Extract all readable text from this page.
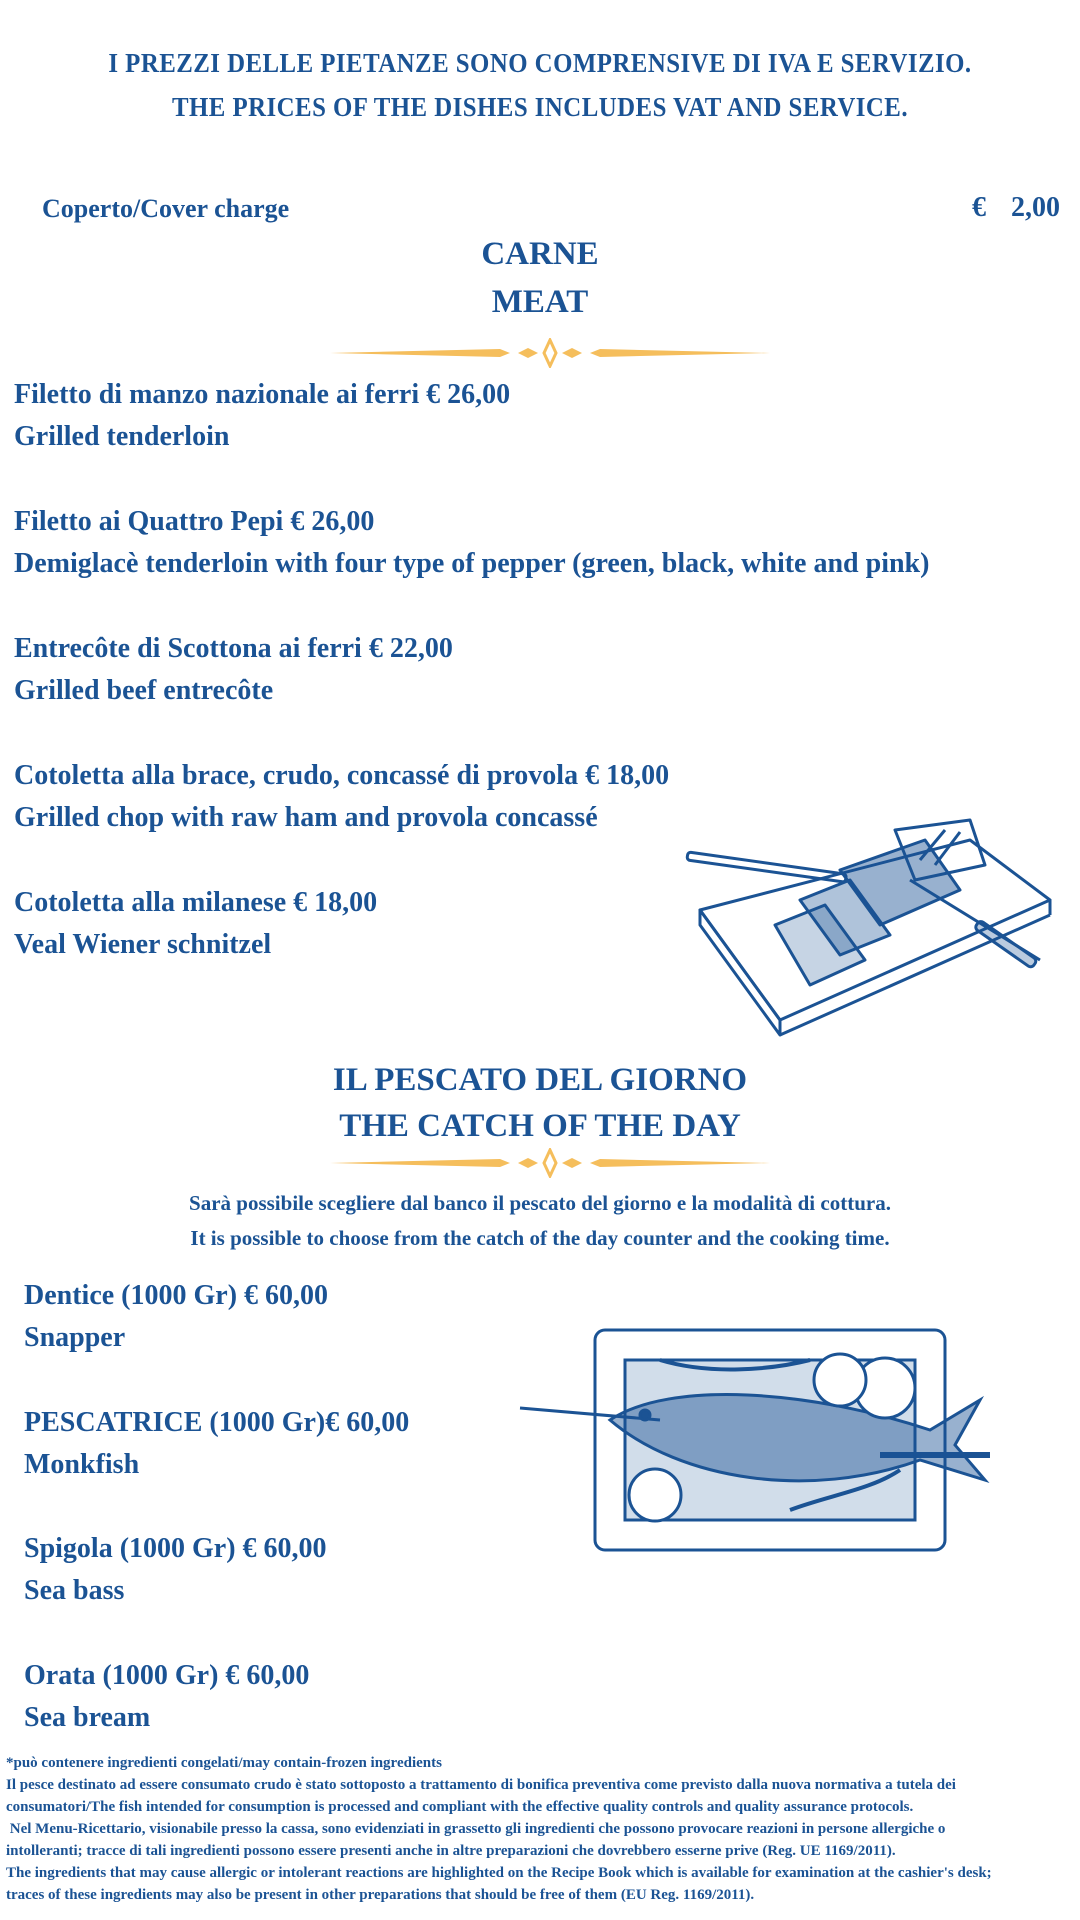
I PREZZI DELLE PIETANZE SONO COMPRENSIVE DI IVA E SERVIZIO.
THE PRICES OF THE DISHES INCLUDES VAT AND SERVICE.
Coperto/Cover charge	€ 2,00
CARNE
MEAT
Filetto di manzo nazionale ai ferri € 26,00
Grilled tenderloin
Filetto ai Quattro Pepi € 26,00
Demiglacè tenderloin with four type of pepper (green, black, white and pink)
Entrecôte di Scottona ai ferri € 22,00
Grilled beef entrecôte
Cotoletta alla brace, crudo, concassé di provola € 18,00
Grilled chop with raw ham and provola concassé
Cotoletta alla milanese € 18,00
Veal Wiener schnitzel
IL PESCATO DEL GIORNO
THE CATCH OF THE DAY
Sarà possibile scegliere dal banco il pescato del giorno e la modalità di cottura.
It is possible to choose from the catch of the day counter and the cooking time.
Dentice (1000 Gr) € 60,00
Snapper
PESCATRICE (1000 Gr)€ 60,00
Monkfish
Spigola (1000 Gr) € 60,00
Sea bass
Orata (1000 Gr) € 60,00
Sea bream
*può contenere ingredienti congelati/may contain-frozen ingredients
Il pesce destinato ad essere consumato crudo è stato sottoposto a trattamento di bonifica preventiva come previsto dalla nuova normativa a tutela dei
consumatori/The fish intended for consumption is processed and compliant with the effective quality controls and quality assurance protocols.
Nel Menu-Ricettario, visionabile presso la cassa, sono evidenziati in grassetto gli ingredienti che possono provocare reazioni in persone allergiche o
intolleranti; tracce di tali ingredienti possono essere presenti anche in altre preparazioni che dovrebbero esserne prive (Reg. UE 1169/2011).
The ingredients that may cause allergic or intolerant reactions are highlighted on the Recipe Book which is available for examination at the cashier's desk;
traces of these ingredients may also be present in other preparations that should be free of them (EU Reg. 1169/2011).
